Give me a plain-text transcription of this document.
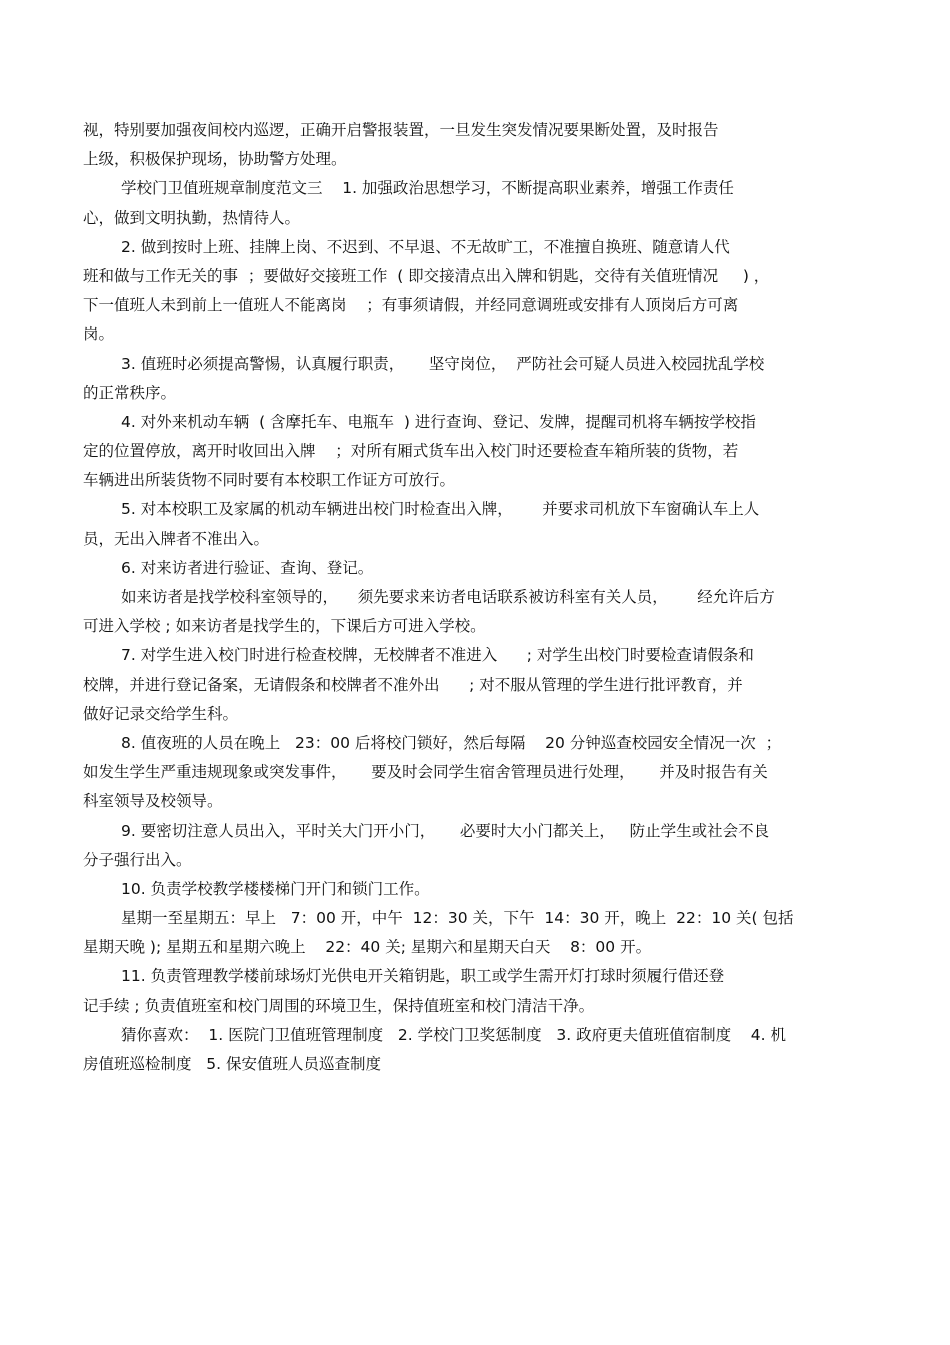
视，特别要加强夜间校内巡逻，正确开启警报装置，一旦发生突发情况要果断处置，及时报告
上级，积极保护现场，协助警方处理。
学校门卫值班规章制度范文三    1. 加强政治思想学习，不断提高职业素养，增强工作责任
心，做到文明执勤，热情待人。
2. 做到按时上班、挂牌上岗、不迟到、不早退、不无故旷工，不准擅自换班、随意请人代
班和做与工作无关的事  ；要做好交接班工作  ( 即交接清点出入牌和钥匙，交待有关值班情况     ) ，
下一值班人未到前上一值班人不能离岗    ；有事须请假，并经同意调班或安排有人顶岗后方可离
岗。
3. 值班时必须提高警惕，认真履行职责，     坚守岗位，  严防社会可疑人员进入校园扰乱学校
的正常秩序。
4. 对外来机动车辆  ( 含摩托车、电瓶车  ) 进行查询、登记、发牌，提醒司机将车辆按学校指
定的位置停放，离开时收回出入牌    ；对所有厢式货车出入校门时还要检查车箱所装的货物，若
车辆进出所装货物不同时要有本校职工作证方可放行。
5. 对本校职工及家属的机动车辆进出校门时检查出入牌，      并要求司机放下车窗确认车上人
员，无出入牌者不准出入。
6. 对来访者进行验证、查询、登记。
如来访者是找学校科室领导的，    须先要求来访者电话联系被访科室有关人员，      经允许后方
可进入学校 ; 如来访者是找学生的，下课后方可进入学校。
7. 对学生进入校门时进行检查校牌，无校牌者不准进入      ; 对学生出校门时要检查请假条和
校牌，并进行登记备案，无请假条和校牌者不准外出      ; 对不服从管理的学生进行批评教育，并
做好记录交给学生科。
8. 值夜班的人员在晚上   23：00 后将校门锁好，然后每隔    20 分钟巡查校园安全情况一次  ；
如发生学生严重违规现象或突发事件，     要及时会同学生宿舍管理员进行处理，     并及时报告有关
科室领导及校领导。
9. 要密切注意人员出入，平时关大门开小门，     必要时大小门都关上，   防止学生或社会不良
分子强行出入。
10. 负责学校教学楼楼梯门开门和锁门工作。
星期一至星期五：早上   7：00 开，中午  12：30 关，下午  14：30 开，晚上  22：10 关( 包括
星期天晚 ); 星期五和星期六晚上    22：40 关; 星期六和星期天白天    8：00 开。
11. 负责管理教学楼前球场灯光供电开关箱钥匙，职工或学生需开灯打球时须履行借还登
记手续 ; 负责值班室和校门周围的环境卫生，保持值班室和校门清洁干净。
猜你喜欢：  1. 医院门卫值班管理制度   2. 学校门卫奖惩制度   3. 政府更夫值班值宿制度    4. 机
房值班巡检制度   5. 保安值班人员巡查制度
